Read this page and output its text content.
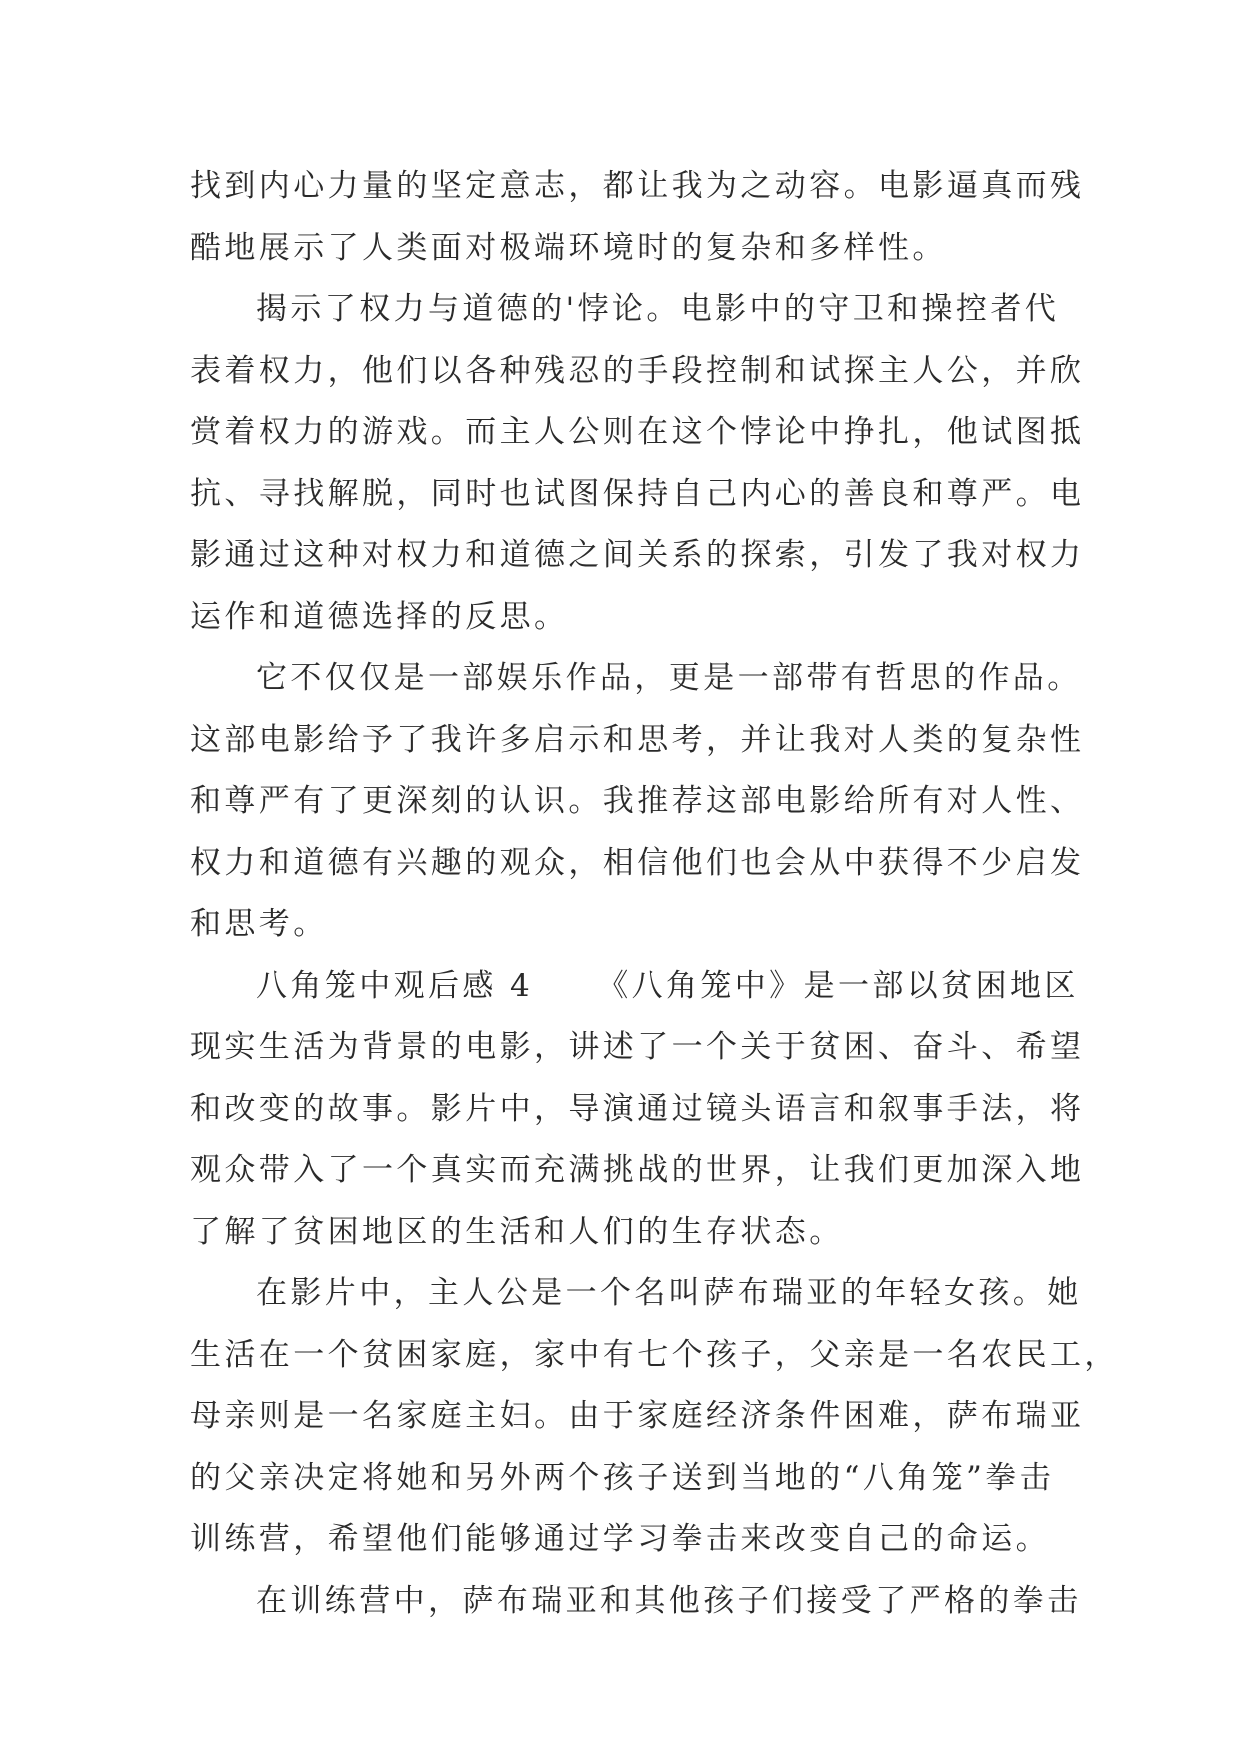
找到内心力量的坚定意志，都让我为之动容。电影逼真而残
酷地展示了人类面对极端环境时的复杂和多样性。
揭示了权力与道德的'悖论。电影中的守卫和操控者代
表着权力，他们以各种残忍的手段控制和试探主人公，并欣
赏着权力的游戏。而主人公则在这个悖论中挣扎，他试图抵
抗、寻找解脱，同时也试图保持自己内心的善良和尊严。电
影通过这种对权力和道德之间关系的探索，引发了我对权力
运作和道德选择的反思。
它不仅仅是一部娱乐作品，更是一部带有哲思的作品。
这部电影给予了我许多启示和思考，并让我对人类的复杂性
和尊严有了更深刻的认识。我推荐这部电影给所有对人性、
权力和道德有兴趣的观众，相信他们也会从中获得不少启发
和思考。
八角笼中观后感 4 《八角笼中》是一部以贫困地区
现实生活为背景的电影，讲述了一个关于贫困、奋斗、希望
和改变的故事。影片中，导演通过镜头语言和叙事手法，将
观众带入了一个真实而充满挑战的世界，让我们更加深入地
了解了贫困地区的生活和人们的生存状态。
在影片中，主人公是一个名叫萨布瑞亚的年轻女孩。她
生活在一个贫困家庭，家中有七个孩子，父亲是一名农民工，
母亲则是一名家庭主妇。由于家庭经济条件困难，萨布瑞亚
的父亲决定将她和另外两个孩子送到当地的“八角笼”拳击
训练营，希望他们能够通过学习拳击来改变自己的命运。
在训练营中，萨布瑞亚和其他孩子们接受了严格的拳击
